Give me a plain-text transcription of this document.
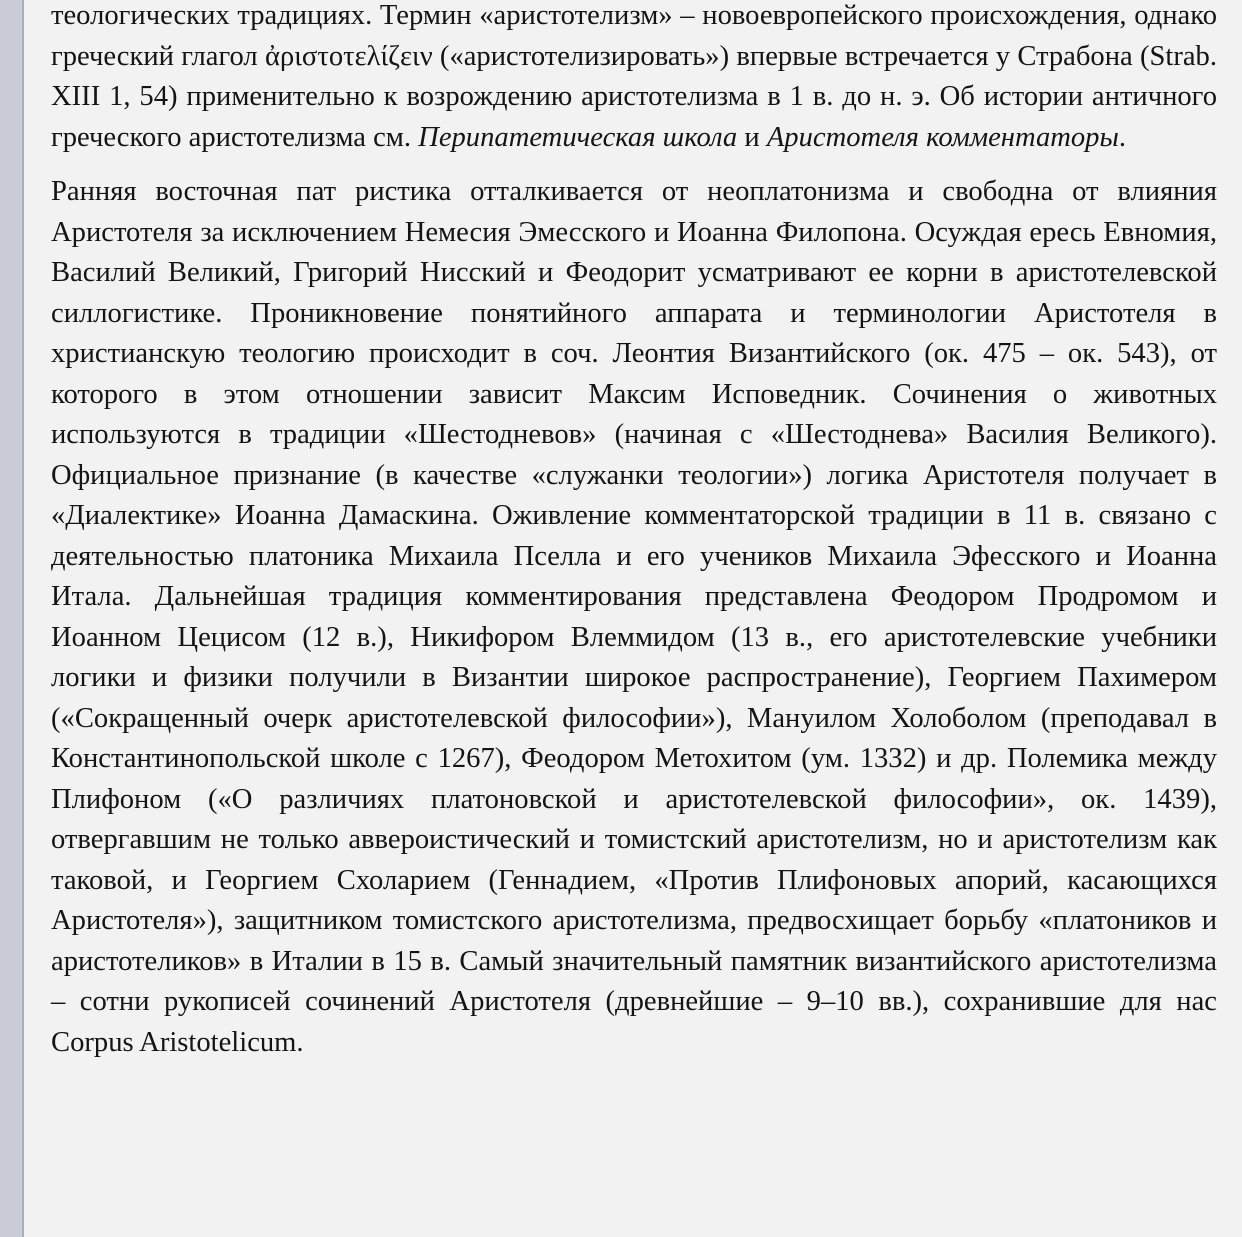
теологических традициях. Термин «аристотелизм» – новоевропейского происхождения, однако греческий глагол ἀριστοτελίζειν («аристотелизировать») впервые встречается у Страбона (Strab. XIII 1, 54) применительно к возрождению аристотелизма в 1 в. до н. э. Об истории античного греческого аристотелизма см. Перипатетическая школа и Аристотеля комментаторы.

Ранняя восточная пат ристика отталкивается от неоплатонизма и свободна от влияния Аристотеля за исключением Немесия Эмесского и Иоанна Филопона. Осуждая ересь Евномия, Василий Великий, Григорий Нисский и Феодорит усматривают ее корни в аристотелевской силлогистике. Проникновение понятийного аппарата и терминологии Аристотеля в христианскую теологию происходит в соч. Леонтия Византийского (ок. 475 – ок. 543), от которого в этом отношении зависит Максим Исповедник. Сочинения о животных используются в традиции «Шестодневов» (начиная с «Шестоднева» Василия Великого). Официальное признание (в качестве «служанки теологии») логика Аристотеля получает в «Диалектике» Иоанна Дамаскина. Оживление комментаторской традиции в 11 в. связано с деятельностью платоника Михаила Пселла и его учеников Михаила Эфесского и Иоанна Итала. Дальнейшая традиция комментирования представлена Феодором Продромом и Иоанном Цецисом (12 в.), Никифором Влеммидом (13 в., его аристотелевские учебники логики и физики получили в Византии широкое распространение), Георгием Пахимером («Сокращенный очерк аристотелевской философии»), Мануилом Холоболом (преподавал в Константинопольской школе с 1267), Феодором Метохитом (ум. 1332) и др. Полемика между Плифоном («О различиях платоновской и аристотелевской философии», ок. 1439), отвергавшим не только аввероистический и томистский аристотелизм, но и аристотелизм как таковой, и Георгием Схоларием (Геннадием, «Против Плифоновых апорий, касающихся Аристотеля»), защитником томистского аристотелизма, предвосхищает борьбу «платоников и аристотеликов» в Италии в 15 в. Самый значительный памятник византийского аристотелизма – сотни рукописей сочинений Аристотеля (древнейшие – 9–10 вв.), сохранившие для нас Corpus Aristotelicum.
